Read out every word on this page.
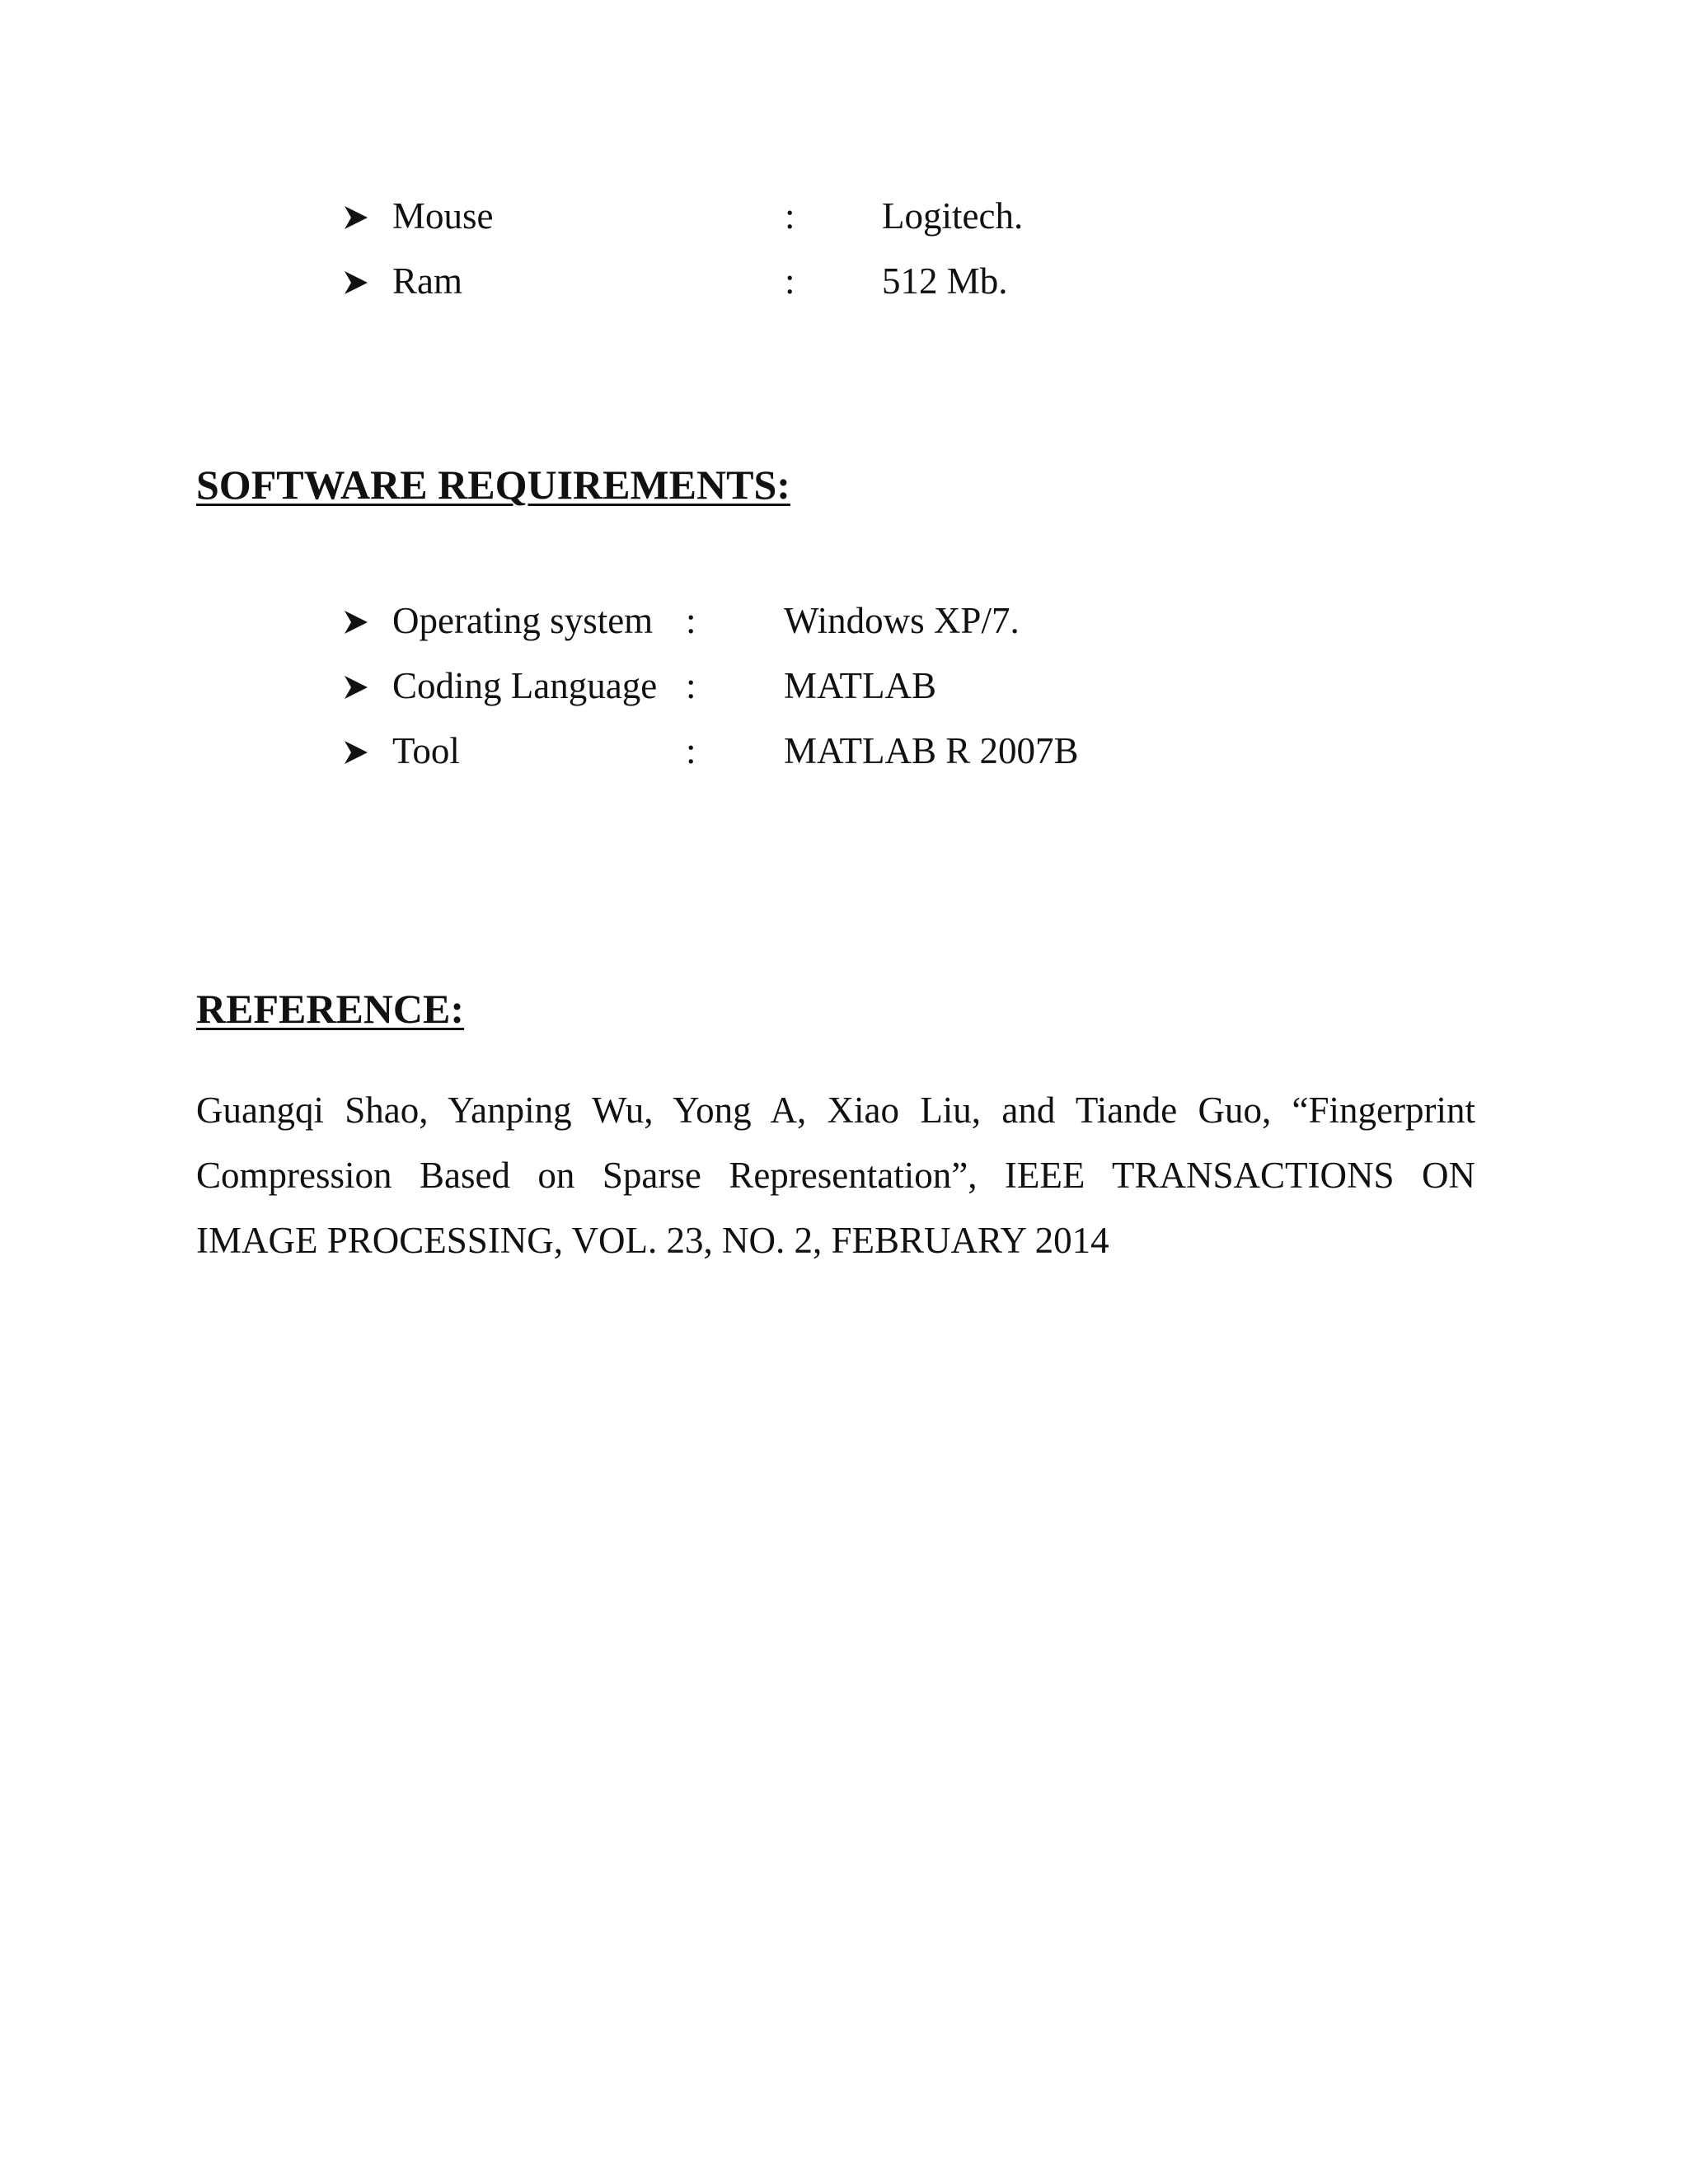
Mouse	: Logitech.
Ram	: 512 Mb.
SOFTWARE REQUIREMENTS:
Operating system : Windows XP/7.
Coding Language : MATLAB
Tool	: MATLAB R 2007B
REFERENCE:

Guangqi Shao, Yanping Wu, Yong A, Xiao Liu, and Tiande Guo, “Fingerprint Compression Based on Sparse Representation”, IEEE TRANSACTIONS ON IMAGE PROCESSING, VOL. 23, NO. 2, FEBRUARY 2014
